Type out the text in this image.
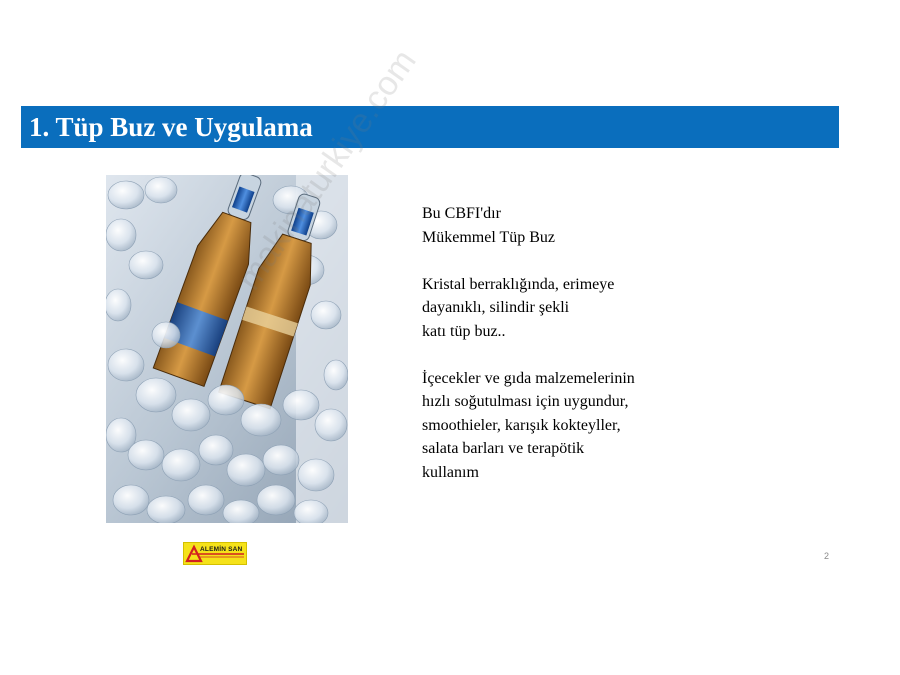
1. Tüp Buz ve Uygulama

Bu CBFI'dır
Mükemmel Tüp Buz

Kristal berraklığında, erimeye
dayanıklı, silindir şekli
katı tüp buz..

İçecekler ve gıda malzemelerinin
hızlı soğutulması için uygundur,
smoothieler, karışık kokteyller,
salata barları ve terapötik
kullanım

ALEMİN SAN
2
makinaturkiye.com
